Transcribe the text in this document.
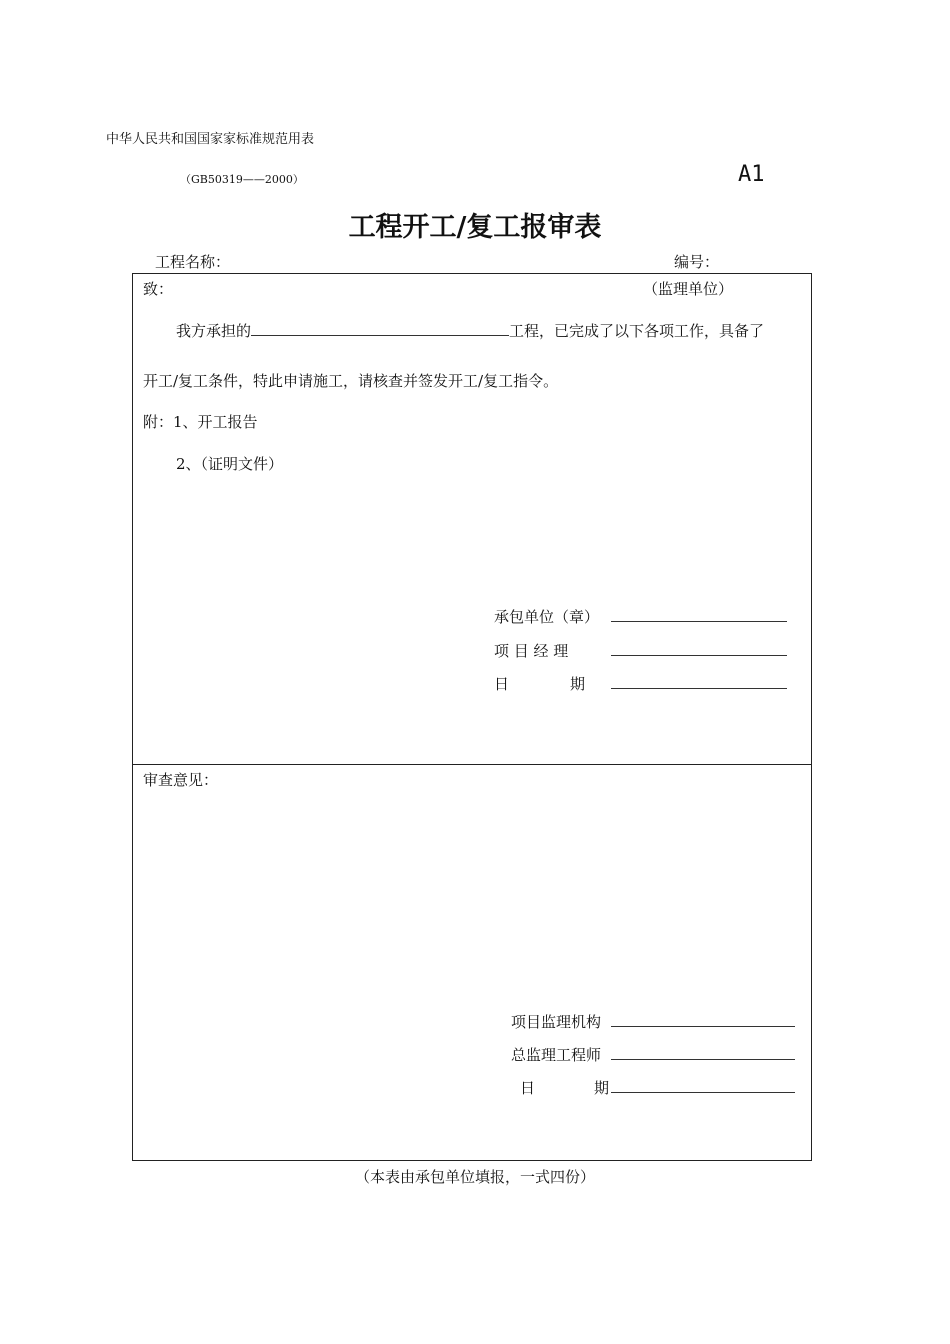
中华人民共和国国家家标准规范用表
（GB50319——2000）	A1
工程开工/复工报审表
工程名称：	编号：
致：	（监理单位）
我方承担的	工程，已完成了以下各项工作，具备了
开工/复工条件，特此申请施工，请核查并签发开工/复工指令。
附：1、开工报告
2、（证明文件）
承包单位（章）
项 目 经 理
日	期
审查意见：
项目监理机构
总监理工程师
日	期
（本表由承包单位填报，一式四份）
